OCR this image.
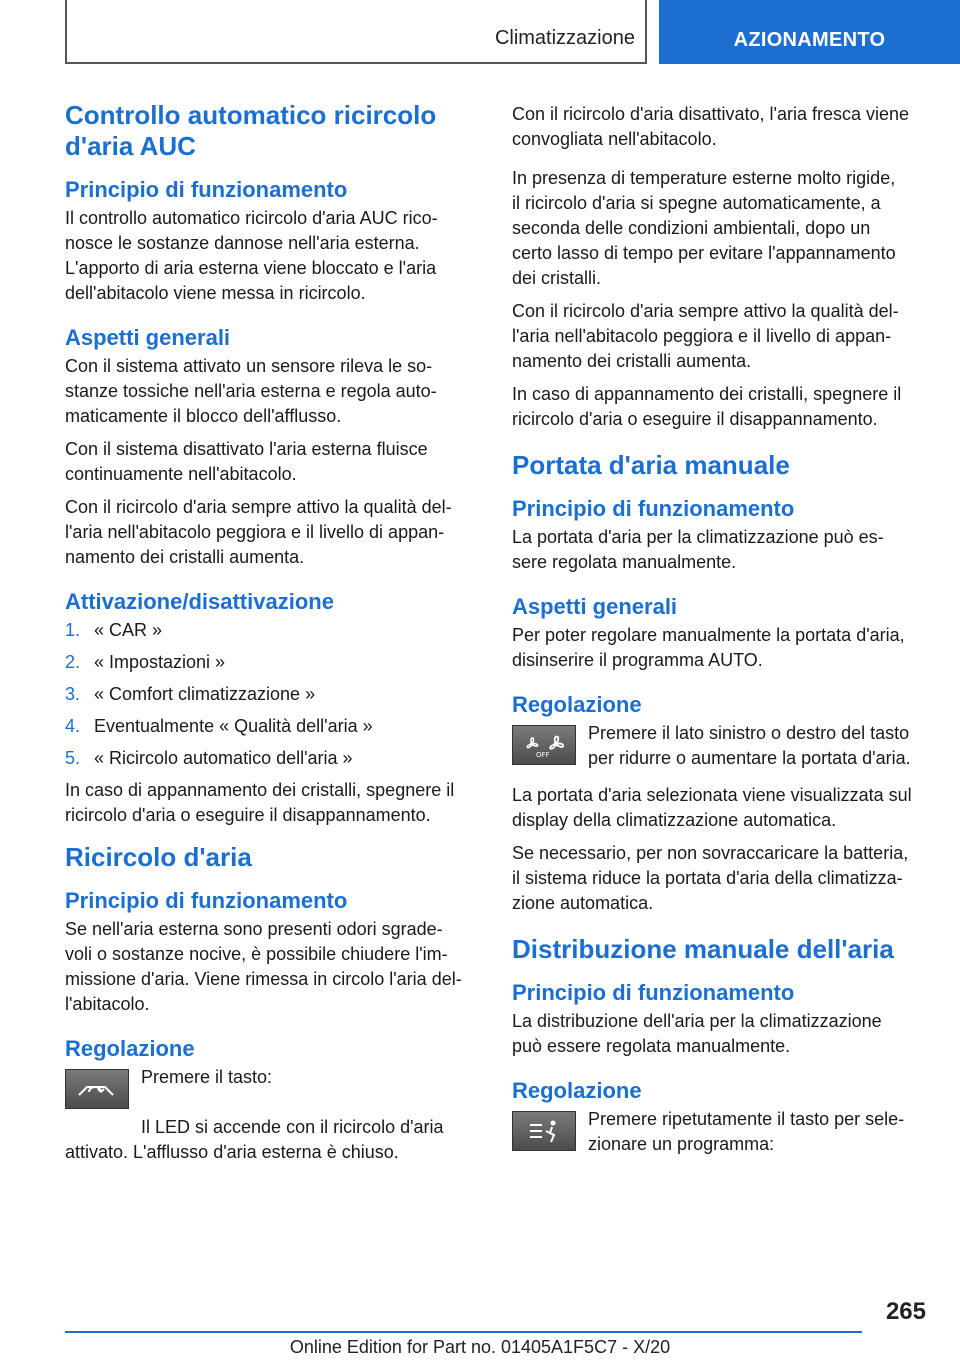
Climatizzazione	AZIONAMENTO
Controllo automatico ricircolo
d'aria AUC
Principio di funzionamento
Il controllo automatico ricircolo d'aria AUC rico-
nosce le sostanze dannose nell'aria esterna.
L'apporto di aria esterna viene bloccato e l'aria
dell'abitacolo viene messa in ricircolo.
Aspetti generali
Con il sistema attivato un sensore rileva le so-
stanze tossiche nell'aria esterna e regola auto-
maticamente il blocco dell'afflusso.
Con il sistema disattivato l'aria esterna fluisce
continuamente nell'abitacolo.
Con il ricircolo d'aria sempre attivo la qualità del-
l'aria nell'abitacolo peggiora e il livello di appan-
namento dei cristalli aumenta.
Attivazione/disattivazione
1. « CAR »
2. « Impostazioni »
3. « Comfort climatizzazione »
4. Eventualmente « Qualità dell'aria »
5. « Ricircolo automatico dell'aria »
In caso di appannamento dei cristalli, spegnere il
ricircolo d'aria o eseguire il disappannamento.
Ricircolo d'aria
Principio di funzionamento
Se nell'aria esterna sono presenti odori sgrade-
voli o sostanze nocive, è possibile chiudere l'im-
missione d'aria. Viene rimessa in circolo l'aria del-
l'abitacolo.
Regolazione
Premere il tasto:
Il LED si accende con il ricircolo d'aria
attivato. L'afflusso d'aria esterna è chiuso.
Con il ricircolo d'aria disattivato, l'aria fresca viene
convogliata nell'abitacolo.
In presenza di temperature esterne molto rigide,
il ricircolo d'aria si spegne automaticamente, a
seconda delle condizioni ambientali, dopo un
certo lasso di tempo per evitare l'appannamento
dei cristalli.
Con il ricircolo d'aria sempre attivo la qualità del-
l'aria nell'abitacolo peggiora e il livello di appan-
namento dei cristalli aumenta.
In caso di appannamento dei cristalli, spegnere il
ricircolo d'aria o eseguire il disappannamento.
Portata d'aria manuale
Principio di funzionamento
La portata d'aria per la climatizzazione può es-
sere regolata manualmente.
Aspetti generali
Per poter regolare manualmente la portata d'aria,
disinserire il programma AUTO.
Regolazione
OFF
Premere il lato sinistro o destro del tasto
per ridurre o aumentare la portata d'aria.
La portata d'aria selezionata viene visualizzata sul
display della climatizzazione automatica.
Se necessario, per non sovraccaricare la batteria,
il sistema riduce la portata d'aria della climatizza-
zione automatica.
Distribuzione manuale dell'aria
Principio di funzionamento
La distribuzione dell'aria per la climatizzazione
può essere regolata manualmente.
Regolazione
Premere ripetutamente il tasto per sele-
zionare un programma:
265
Online Edition for Part no. 01405A1F5C7 - X/20
